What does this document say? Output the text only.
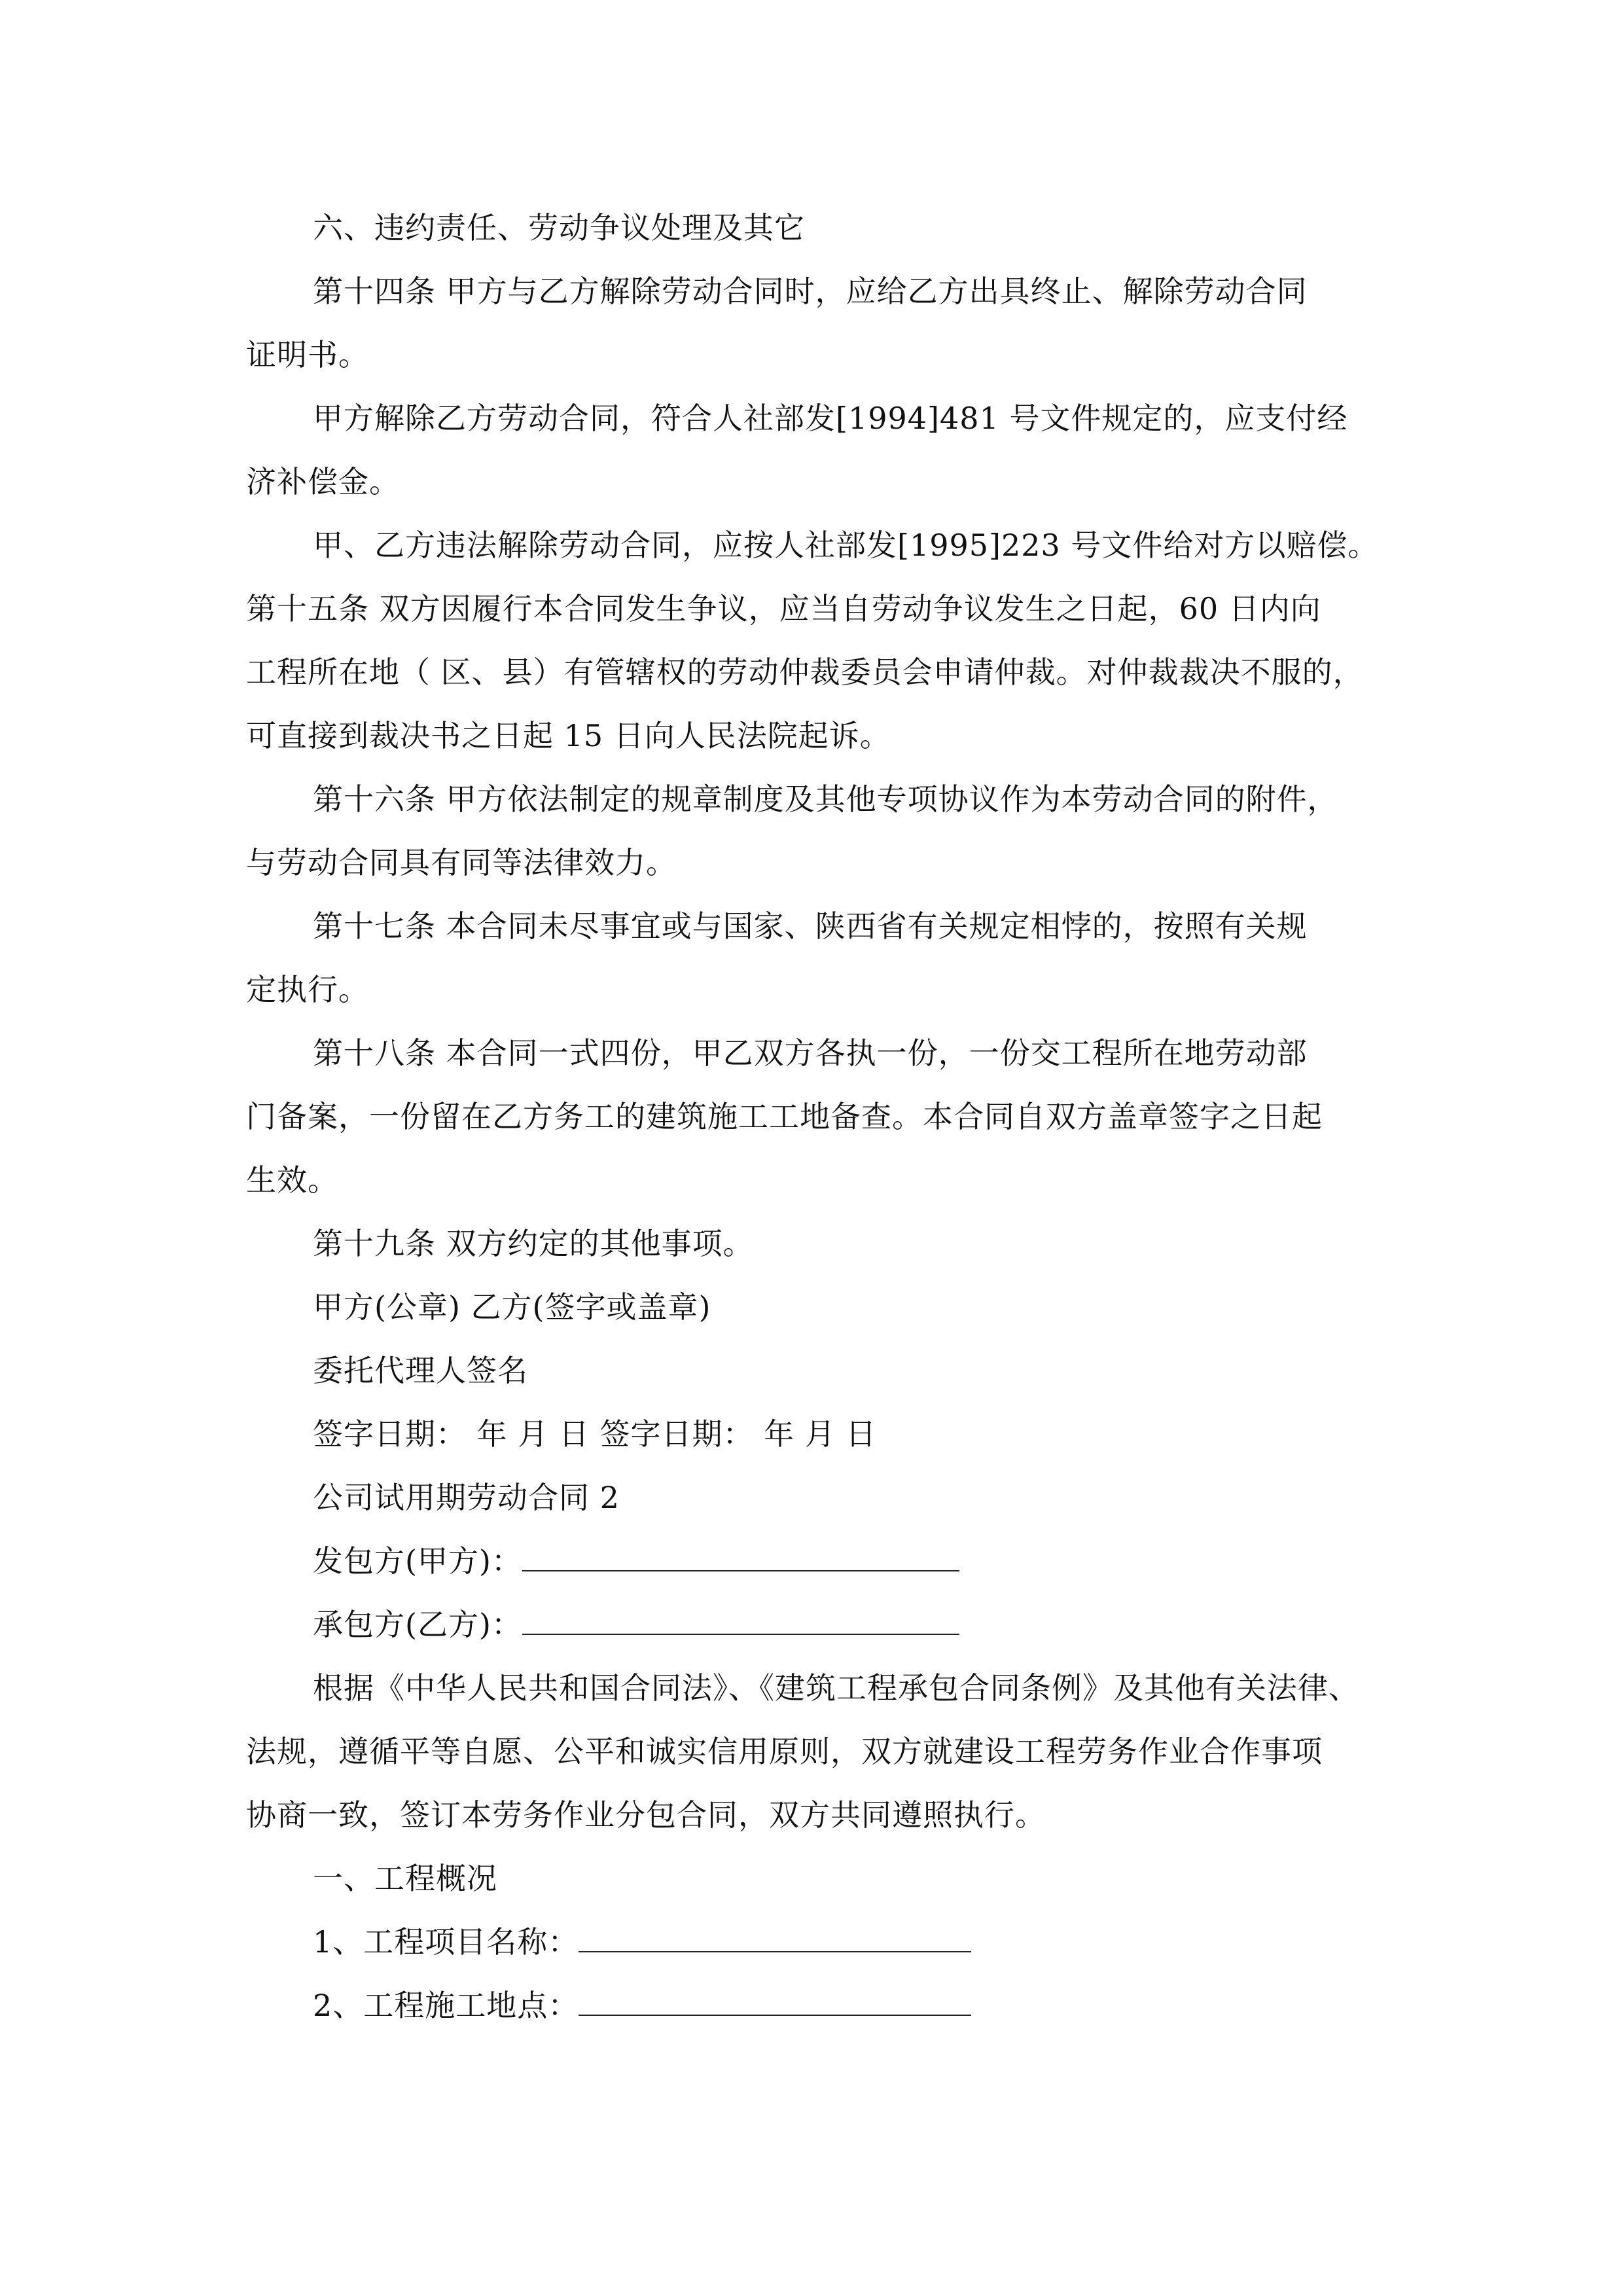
六、违约责任、劳动争议处理及其它
第十四条 甲方与乙方解除劳动合同时，应给乙方出具终止、解除劳动合同
证明书。
甲方解除乙方劳动合同，符合人社部发[1994]481 号文件规定的，应支付经
济补偿金。
甲、乙方违法解除劳动合同，应按人社部发[1995]223 号文件给对方以赔偿。
第十五条 双方因履行本合同发生争议，应当自劳动争议发生之日起，60 日内向
工程所在地（ 区、县）有管辖权的劳动仲裁委员会申请仲裁。对仲裁裁决不服的，
可直接到裁决书之日起 15 日向人民法院起诉。
第十六条 甲方依法制定的规章制度及其他专项协议作为本劳动合同的附件，
与劳动合同具有同等法律效力。
第十七条 本合同未尽事宜或与国家、陕西省有关规定相悖的，按照有关规
定执行。
第十八条 本合同一式四份，甲乙双方各执一份，一份交工程所在地劳动部
门备案，一份留在乙方务工的建筑施工工地备查。本合同自双方盖章签字之日起
生效。
第十九条 双方约定的其他事项。
甲方(公章) 乙方(签字或盖章)
委托代理人签名
签字日期： 年 月 日 签字日期： 年 月 日
公司试用期劳动合同 2
发包方(甲方)：
承包方(乙方)：
根据《中华人民共和国合同法》、《建筑工程承包合同条例》及其他有关法律、
法规，遵循平等自愿、公平和诚实信用原则，双方就建设工程劳务作业合作事项
协商一致，签订本劳务作业分包合同，双方共同遵照执行。
一、工程概况
1、工程项目名称：
2、工程施工地点：
